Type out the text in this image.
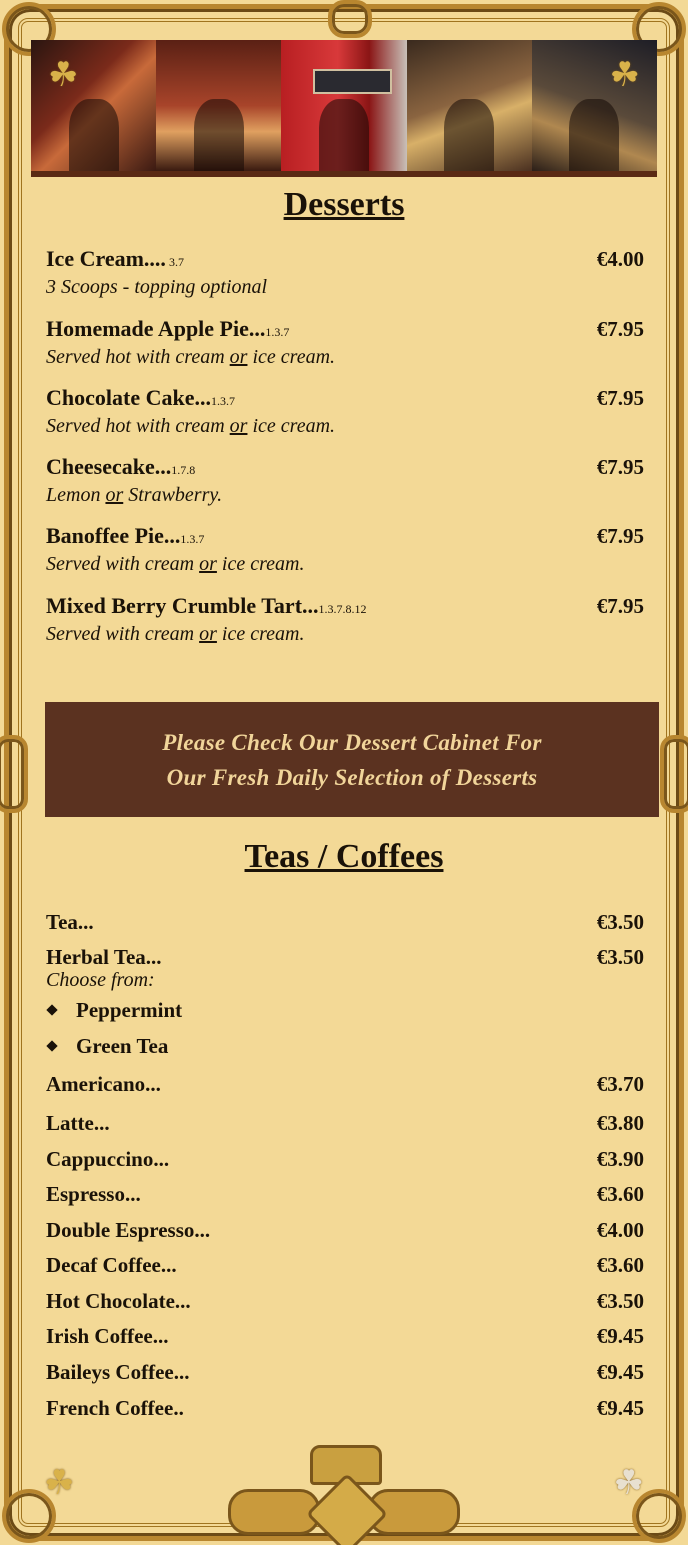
☘	☘
Desserts
Ice Cream.... 3.7	€4.00
3 Scoops - topping optional
Homemade Apple Pie...1.3.7	€7.95
Served hot with cream or ice cream.
Chocolate Cake...1.3.7	€7.95
Served hot with cream or ice cream.
Cheesecake...1.7.8	€7.95
Lemon or Strawberry.
Banoffee Pie...1.3.7	€7.95
Served with cream or ice cream.
Mixed Berry Crumble Tart...1.3.7.8.12	€7.95
Served with cream or ice cream.
Please Check Our Dessert Cabinet For
Our Fresh Daily Selection of Desserts
Teas / Coffees
Tea...	€3.50
Herbal Tea...	€3.50
Choose from:
Peppermint
Green Tea
Americano...	€3.70
Latte...	€3.80
Cappuccino...	€3.90
Espresso...	€3.60
Double Espresso...	€4.00
Decaf Coffee...	€3.60
Hot Chocolate...	€3.50
Irish Coffee...	€9.45
Baileys Coffee...	€9.45
French Coffee..	€9.45
☘	☘
